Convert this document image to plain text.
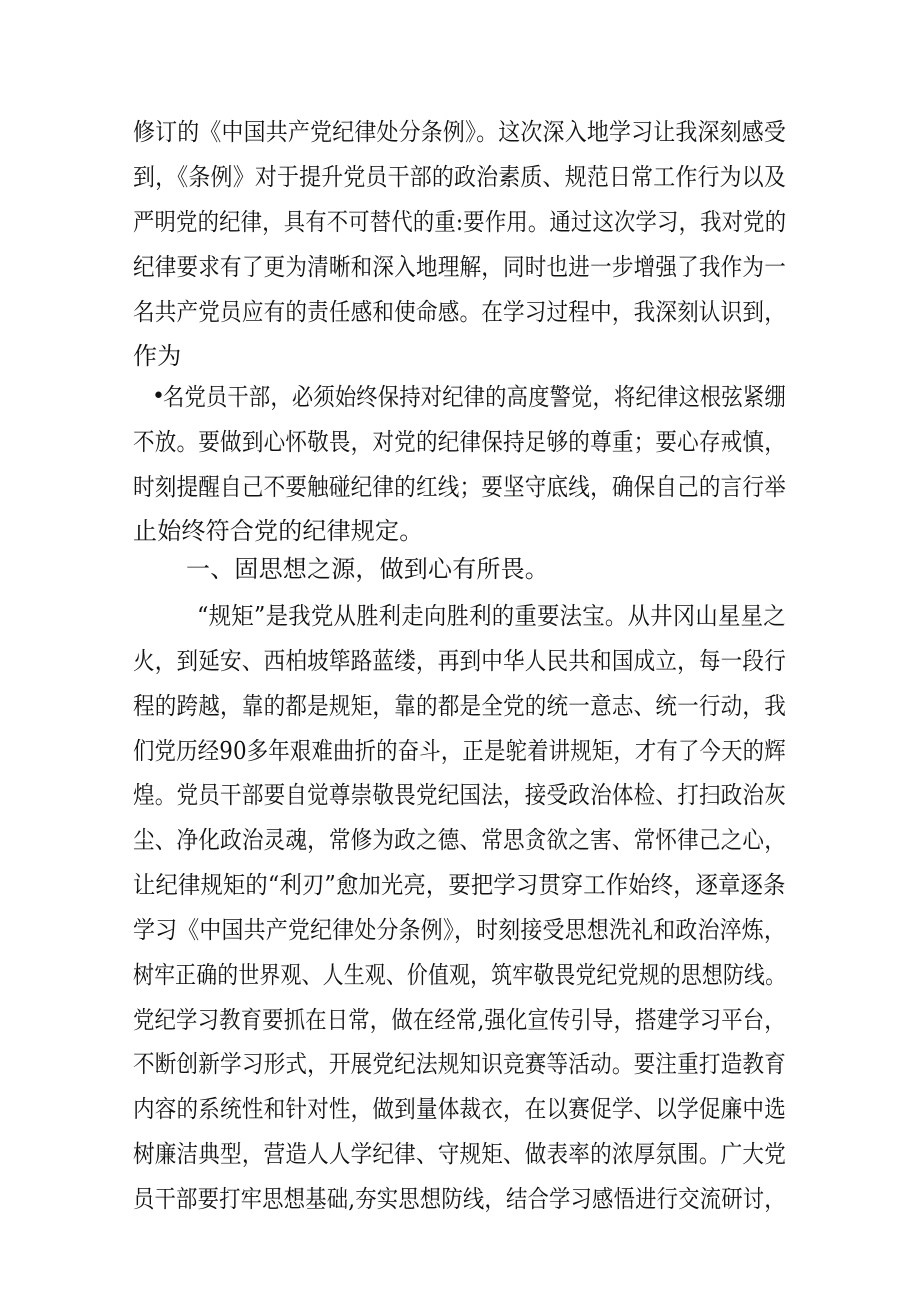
修订的《中国共产党纪律处分条例》。这次深入地学习让我深刻感受
到，《条例》对于提升党员干部的政治素质、规范日常工作行为以及
严明党的纪律，具有不可替代的重:要作用。通过这次学习，我对党的
纪律要求有了更为清晰和深入地理解，同时也进一步增强了我作为一
名共产党员应有的责任感和使命感。在学习过程中，我深刻认识到，
作为
•
名党员干部，必须始终保持对纪律的高度警觉，将纪律这根弦紧绷
不放。要做到心怀敬畏，对党的纪律保持足够的尊重；要心存戒慎，
时刻提醒自己不要触碰纪律的红线；要坚守底线，确保自己的言行举
止始终符合党的纪律规定。
一、固思想之源，做到心有所畏。
“规矩”是我党从胜利走向胜利的重要法宝。从井冈山星星之
火，到延安、西柏坡筚路蓝缕，再到中华人民共和国成立，每一段行
程的跨越，靠的都是规矩，靠的都是全党的统一意志、统一行动，我
们党历经90多年艰难曲折的奋斗，正是鸵着讲规矩，才有了今天的辉
煌。党员干部要自觉尊崇敬畏党纪国法，接受政治体检、打扫政治灰
尘、净化政治灵魂，常修为政之德、常思贪欲之害、常怀律己之心，
让纪律规矩的“利刃”愈加光亮，要把学习贯穿工作始终，逐章逐条
学习《中国共产党纪律处分条例》，时刻接受思想洗礼和政治淬炼，
树牢正确的世界观、人生观、价值观，筑牢敬畏党纪党规的思想防线。
党纪学习教育要抓在日常，做在经常,强化宣传引导，搭建学习平台，
不断创新学习形式，开展党纪法规知识竞赛等活动。要注重打造教育
内容的系统性和针对性，做到量体裁衣，在以赛促学、以学促廉中选
树廉洁典型，营造人人学纪律、守规矩、做表率的浓厚氛围。广大党
员干部要打牢思想基础,夯实思想防线，结合学习感悟进行交流研讨，
